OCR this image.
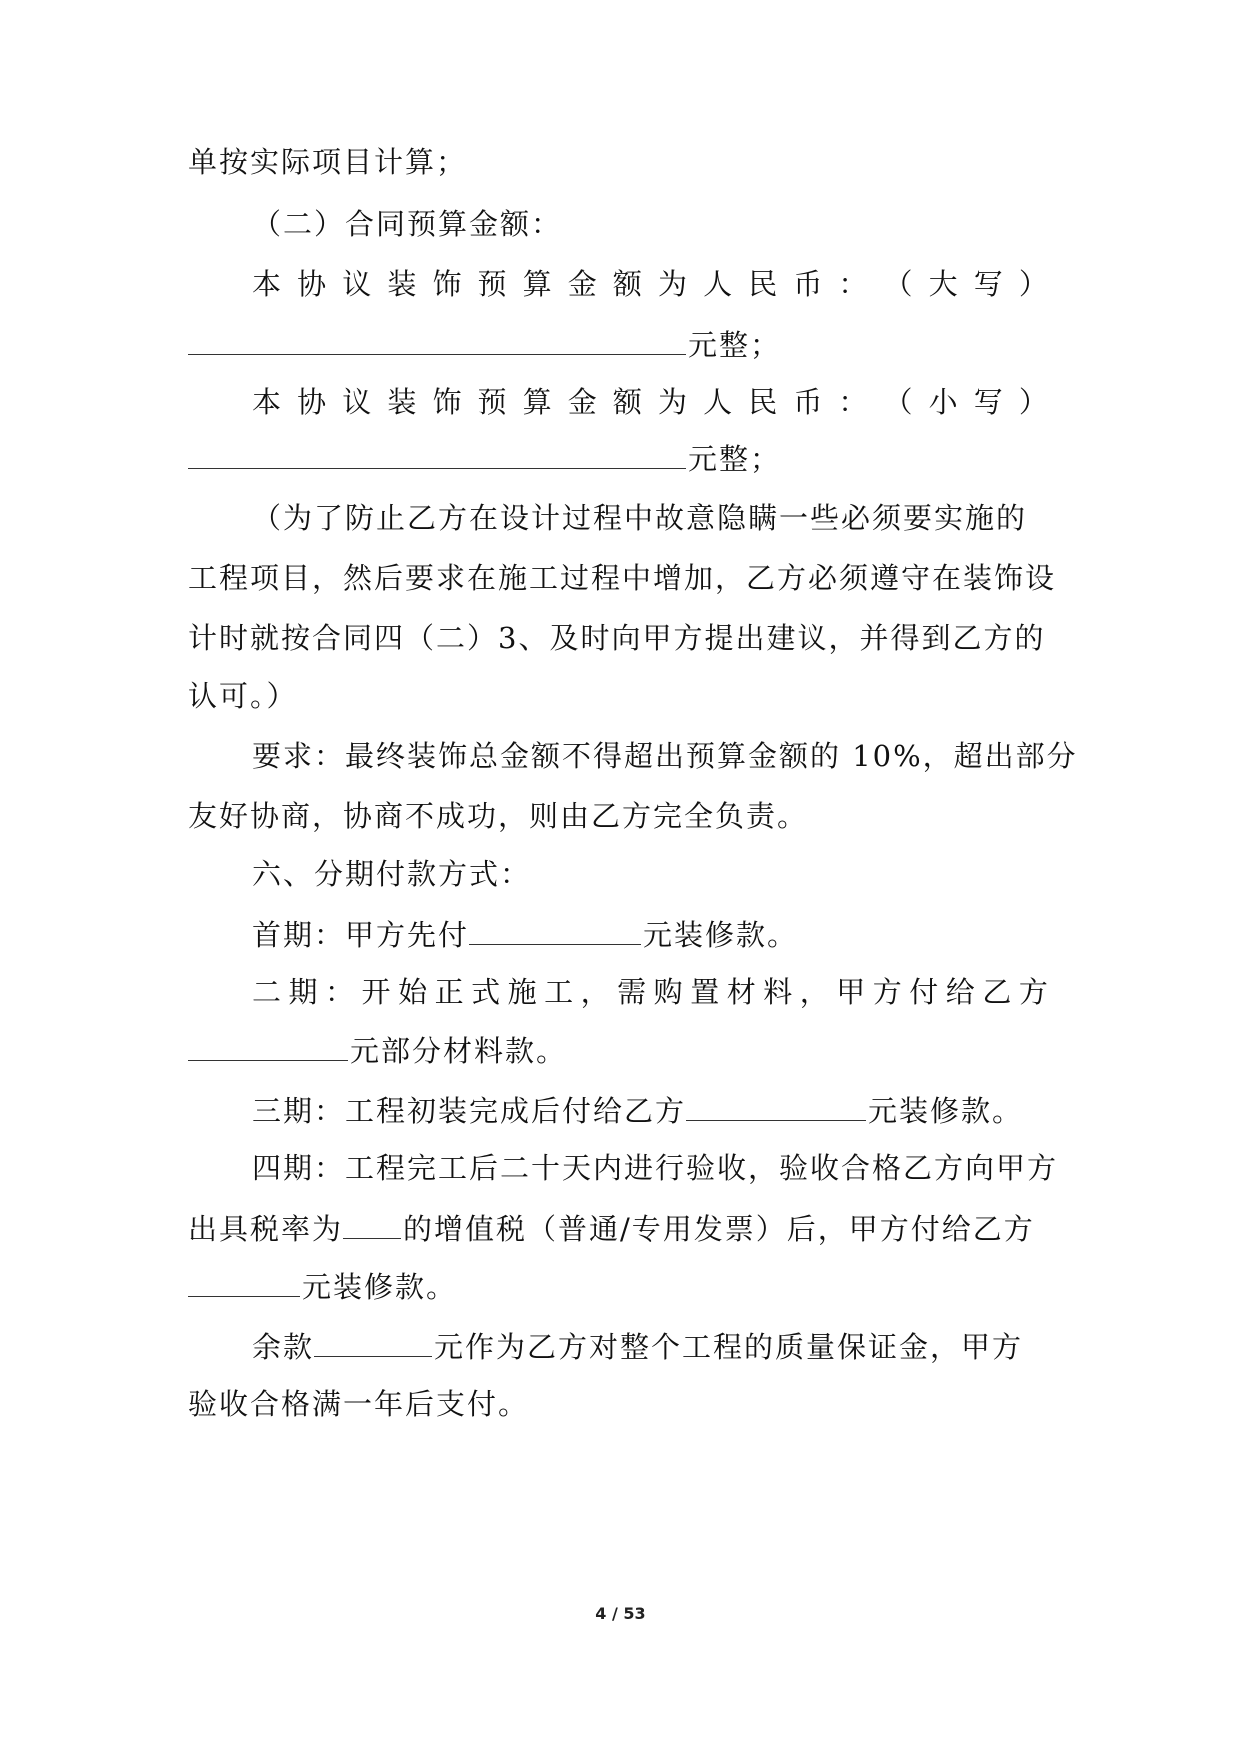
单按实际项目计算；
（二）合同预算金额：
本 协 议 装 饰 预 算 金 额 为 人 民 币 ： （ 大 写 ）
元整；
本 协 议 装 饰 预 算 金 额 为 人 民 币 ： （ 小 写 ）
元整；
（为了防止乙方在设计过程中故意隐瞒一些必须要实施的
工程项目，然后要求在施工过程中增加，乙方必须遵守在装饰设
计时就按合同四（二）3、及时向甲方提出建议，并得到乙方的
认可。）
要求：最终装饰总金额不得超出预算金额的 10%，超出部分
友好协商，协商不成功，则由乙方完全负责。
六、分期付款方式：
首期：甲方先付	元装修款。
二 期 ： 开 始 正 式 施 工 ， 需 购 置 材 料 ， 甲 方 付 给 乙 方
元部分材料款。
三期：工程初装完成后付给乙方	元装修款。
四期：工程完工后二十天内进行验收，验收合格乙方向甲方
出具税率为 的增值税（普通/专用发票）后，甲方付给乙方
元装修款。
余款	元作为乙方对整个工程的质量保证金，甲方
验收合格满一年后支付。
4 / 53
